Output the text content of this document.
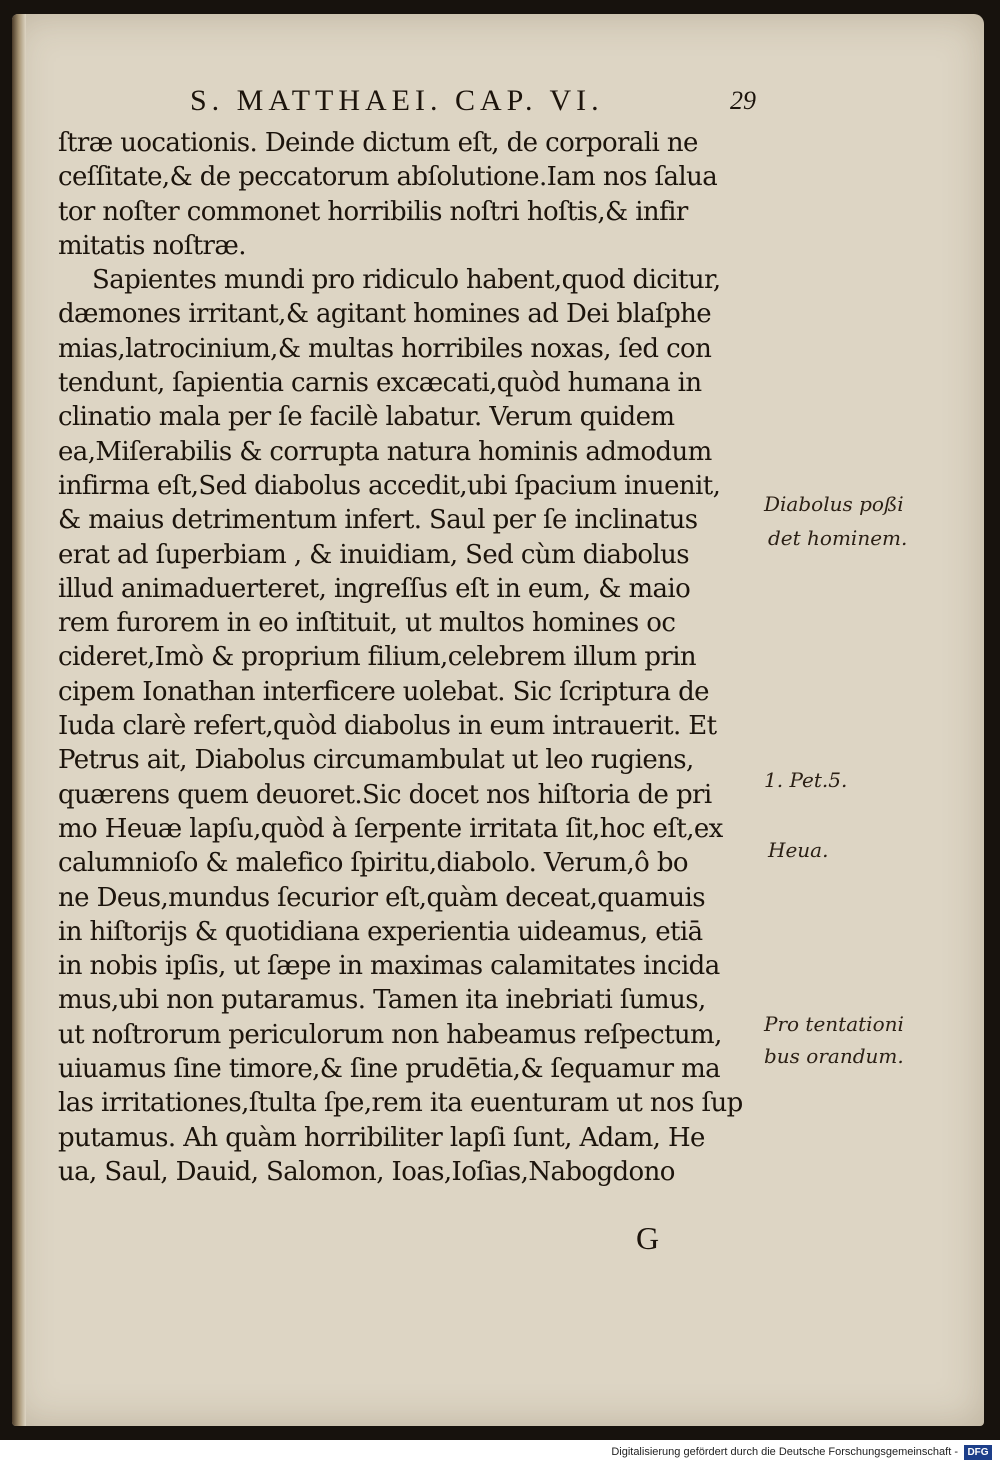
S. MATTHAEI. CAP. VI.	29
ſtræ uocationis. Deinde dictum eſt, de corporali ne
ceſſitate,& de peccatorum abſolutione.Iam nos ſalua
tor noſter commonet horribilis noſtri hoſtis,& infir
mitatis noſtræ.
Sapientes mundi pro ridiculo habent,quod dicitur,
dæmones irritant,& agitant homines ad Dei blaſphe
mias,latrocinium,& multas horribiles noxas, ſed con
tendunt, ſapientia carnis excæcati,quòd humana in
clinatio mala per ſe facilè labatur. Verum quidem
ea,Miſerabilis & corrupta natura hominis admodum
infirma eſt,Sed diabolus accedit,ubi ſpacium inuenit,
& maius detrimentum infert. Saul per ſe inclinatus
erat ad ſuperbiam , & inuidiam, Sed cùm diabolus
illud animaduerteret, ingreſſus eſt in eum, & maio
rem furorem in eo inſtituit, ut multos homines oc
cideret,Imò & proprium filium,celebrem illum prin
cipem Ionathan interficere uolebat. Sic ſcriptura de
Iuda clarè refert,quòd diabolus in eum intrauerit. Et
Petrus ait, Diabolus circumambulat ut leo rugiens,
quærens quem deuoret.Sic docet nos hiſtoria de pri
mo Heuæ lapſu,quòd à ſerpente irritata ſit,hoc eſt,ex
calumnioſo & malefico ſpiritu,diabolo. Verum,ô bo
ne Deus,mundus ſecurior eſt,quàm deceat,quamuis
in hiſtorijs & quotidiana experientia uideamus, etiā
in nobis ipſis, ut ſæpe in maximas calamitates incida
mus,ubi non putaramus. Tamen ita inebriati ſumus,
ut noſtrorum periculorum non habeamus reſpectum,
uiuamus ſine timore,& ſine prudētia,& ſequamur ma
las irritationes,ſtulta ſpe,rem ita euenturam ut nos ſup
putamus. Ah quàm horribiliter lapſi ſunt, Adam, He
ua, Saul, Dauid, Salomon, Ioas,Ioſias,Nabogdono
Diabolus poßi
det hominem.
1. Pet.5.
Heua.
Pro tentationi
bus orandum.
G
Digitalisierung gefördert durch die Deutsche Forschungsgemeinschaft - DFG
